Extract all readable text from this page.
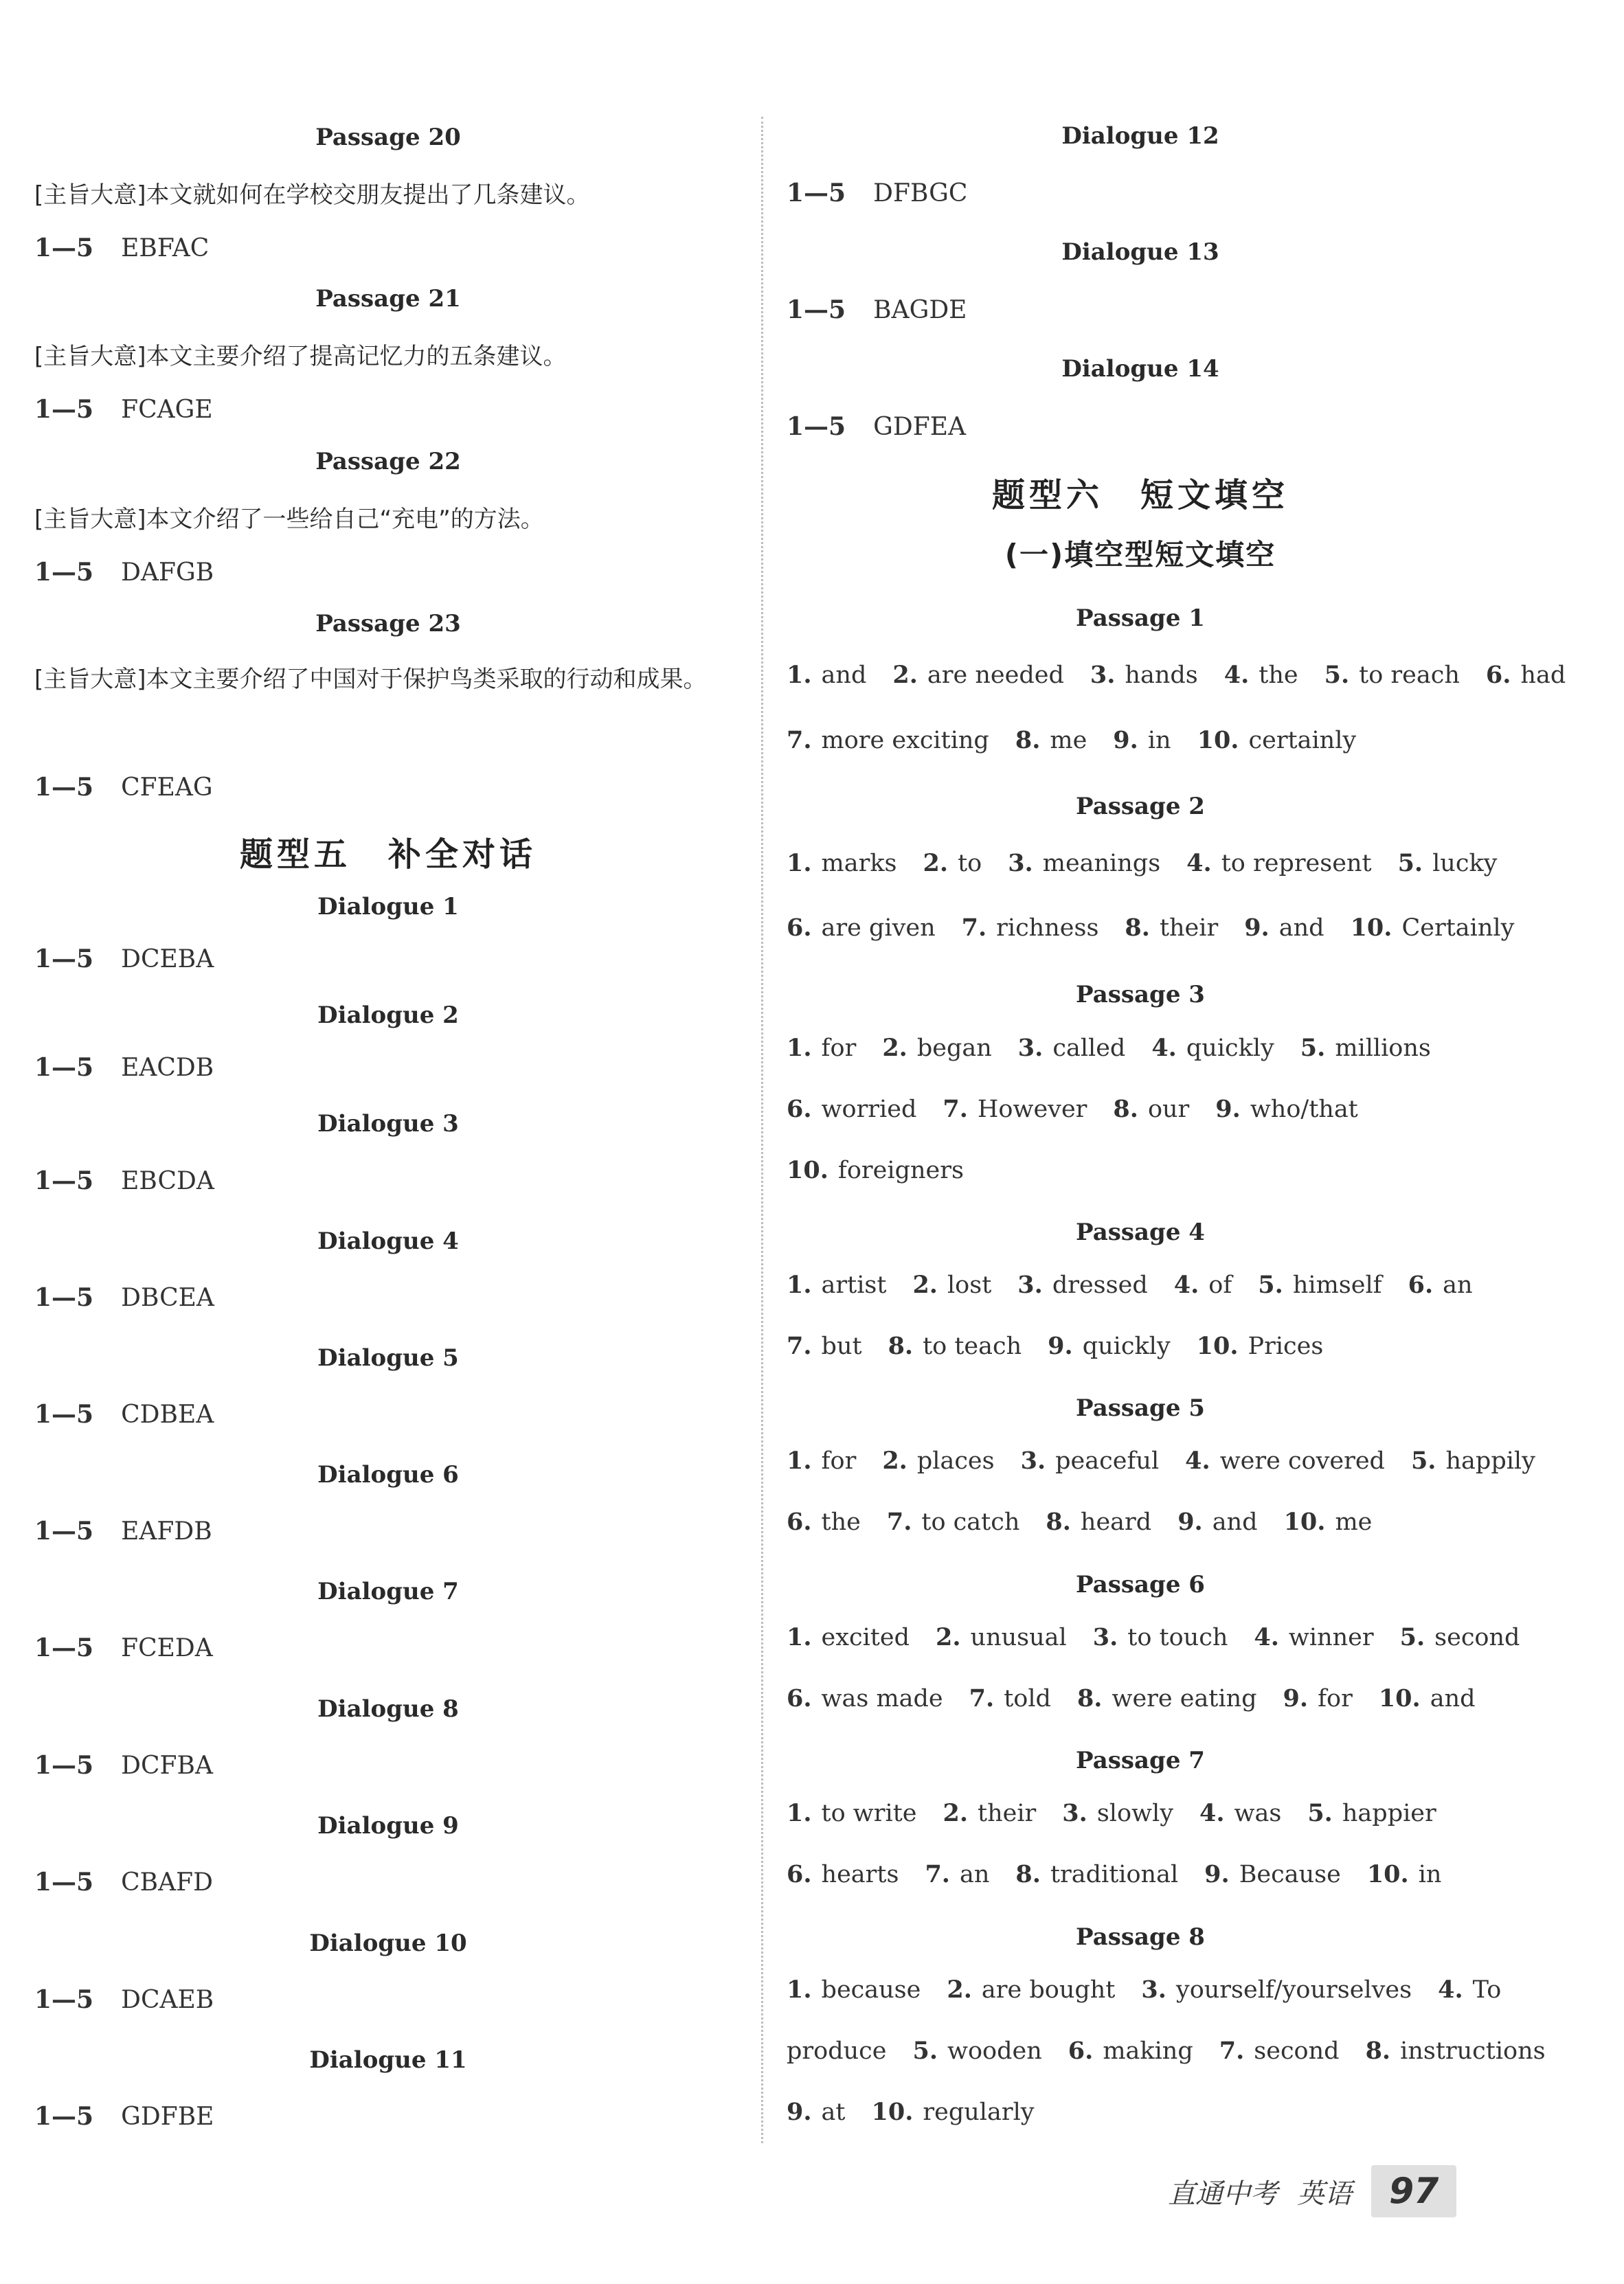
Passage 20
[主旨大意]本文就如何在学校交朋友提出了几条建议。
1—5 EBFAC
Passage 21
[主旨大意]本文主要介绍了提高记忆力的五条建议。
1—5 FCAGE
Passage 22
[主旨大意]本文介绍了一些给自己“充电”的方法。
1—5 DAFGB
Passage 23
[主旨大意]本文主要介绍了中国对于保护鸟类采取的行动和成果。
1—5 CFEAG
题型五　补全对话
Dialogue 1
1—5 DCEBA
Dialogue 2
1—5 EACDB
Dialogue 3
1—5 EBCDA
Dialogue 4
1—5 DBCEA
Dialogue 5
1—5 CDBEA
Dialogue 6
1—5 EAFDB
Dialogue 7
1—5 FCEDA
Dialogue 8
1—5 DCFBA
Dialogue 9
1—5 CBAFD
Dialogue 10
1—5 DCAEB
Dialogue 11
1—5 GDFBE
Dialogue 12
1—5 DFBGC
Dialogue 13
1—5 BAGDE
Dialogue 14
1—5 GDFEA
题型六　短文填空
(一)填空型短文填空
Passage 1
1. and 2. are needed 3. hands 4. the 5. to reach 6. had
7. more exciting 8. me 9. in 10. certainly
Passage 2
1. marks 2. to 3. meanings 4. to represent 5. lucky
6. are given 7. richness 8. their 9. and 10. Certainly
Passage 3
1. for 2. began 3. called 4. quickly 5. millions
6. worried 7. However 8. our 9. who/that
10. foreigners
Passage 4
1. artist 2. lost 3. dressed 4. of 5. himself 6. an
7. but 8. to teach 9. quickly 10. Prices
Passage 5
1. for 2. places 3. peaceful 4. were covered 5. happily
6. the 7. to catch 8. heard 9. and 10. me
Passage 6
1. excited 2. unusual 3. to touch 4. winner 5. second
6. was made 7. told 8. were eating 9. for 10. and
Passage 7
1. to write 2. their 3. slowly 4. was 5. happier
6. hearts 7. an 8. traditional 9. Because 10. in
Passage 8
1. because 2. are bought 3. yourself/yourselves 4. To
produce 5. wooden 6. making 7. second 8. instructions
9. at 10. regularly
直通中考 英语	97
